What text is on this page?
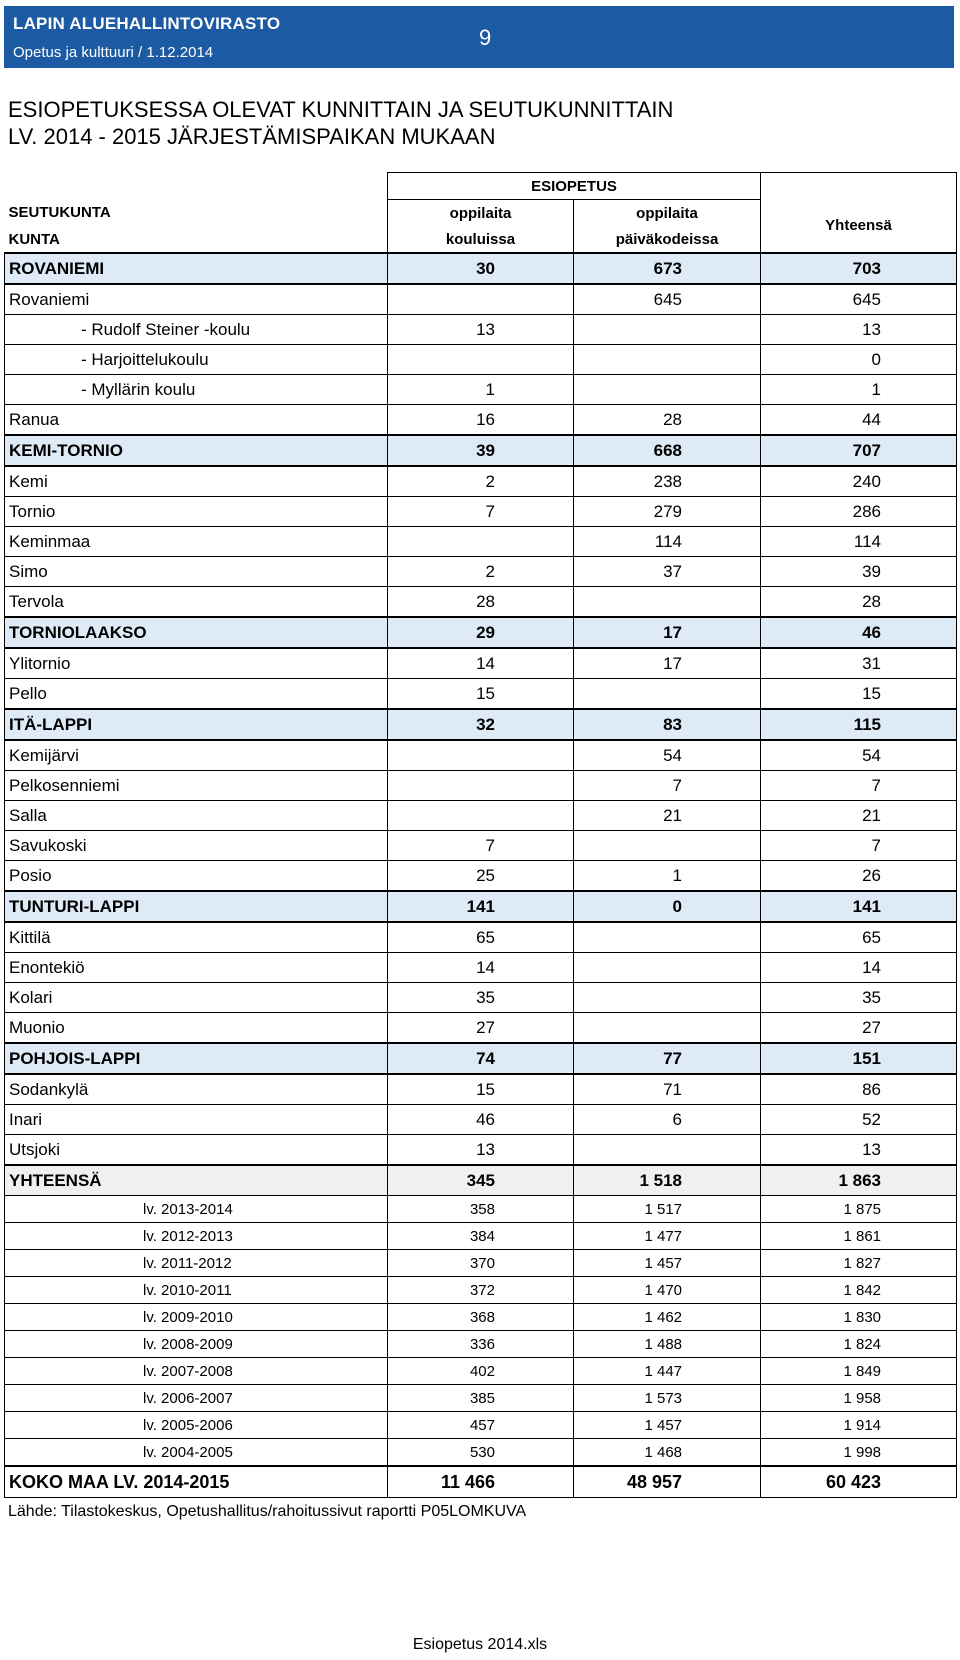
LAPIN ALUEHALLINTOVIRASTO
Opetus ja kulttuuri / 1.12.2014
9
ESIOPETUKSESSA OLEVAT KUNNITTAIN JA SEUTUKUNNITTAIN
LV. 2014 - 2015 JÄRJESTÄMISPAIKAN MUKAAN
	ESIOPETUS		
SEUTUKUNTA	oppilaita	oppilaita	Yhteensä
KUNTA	kouluissa	päiväkodeissa	
ROVANIEMI	30	673	703
Rovaniemi		645	645
- Rudolf Steiner -koulu	13		13
- Harjoittelukoulu			0
- Myllärin koulu	1		1
Ranua	16	28	44
KEMI-TORNIO	39	668	707
Kemi	2	238	240
Tornio	7	279	286
Keminmaa		114	114
Simo	2	37	39
Tervola	28		28
TORNIOLAAKSO	29	17	46
Ylitornio	14	17	31
Pello	15		15
ITÄ-LAPPI	32	83	115
Kemijärvi		54	54
Pelkosenniemi		7	7
Salla		21	21
Savukoski	7		7
Posio	25	1	26
TUNTURI-LAPPI	141	0	141
Kittilä	65		65
Enontekiö	14		14
Kolari	35		35
Muonio	27		27
POHJOIS-LAPPI	74	77	151
Sodankylä	15	71	86
Inari	46	6	52
Utsjoki	13		13
YHTEENSÄ	345	1 518	1 863
lv. 2013-2014	358	1 517	1 875
lv. 2012-2013	384	1 477	1 861
lv. 2011-2012	370	1 457	1 827
lv. 2010-2011	372	1 470	1 842
lv. 2009-2010	368	1 462	1 830
lv. 2008-2009	336	1 488	1 824
lv. 2007-2008	402	1 447	1 849
lv. 2006-2007	385	1 573	1 958
lv. 2005-2006	457	1 457	1 914
lv. 2004-2005	530	1 468	1 998
KOKO MAA LV. 2014-2015	11 466	48 957	60 423
Lähde: Tilastokeskus, Opetushallitus/rahoitussivut raportti P05LOMKUVA
Esiopetus 2014.xls
